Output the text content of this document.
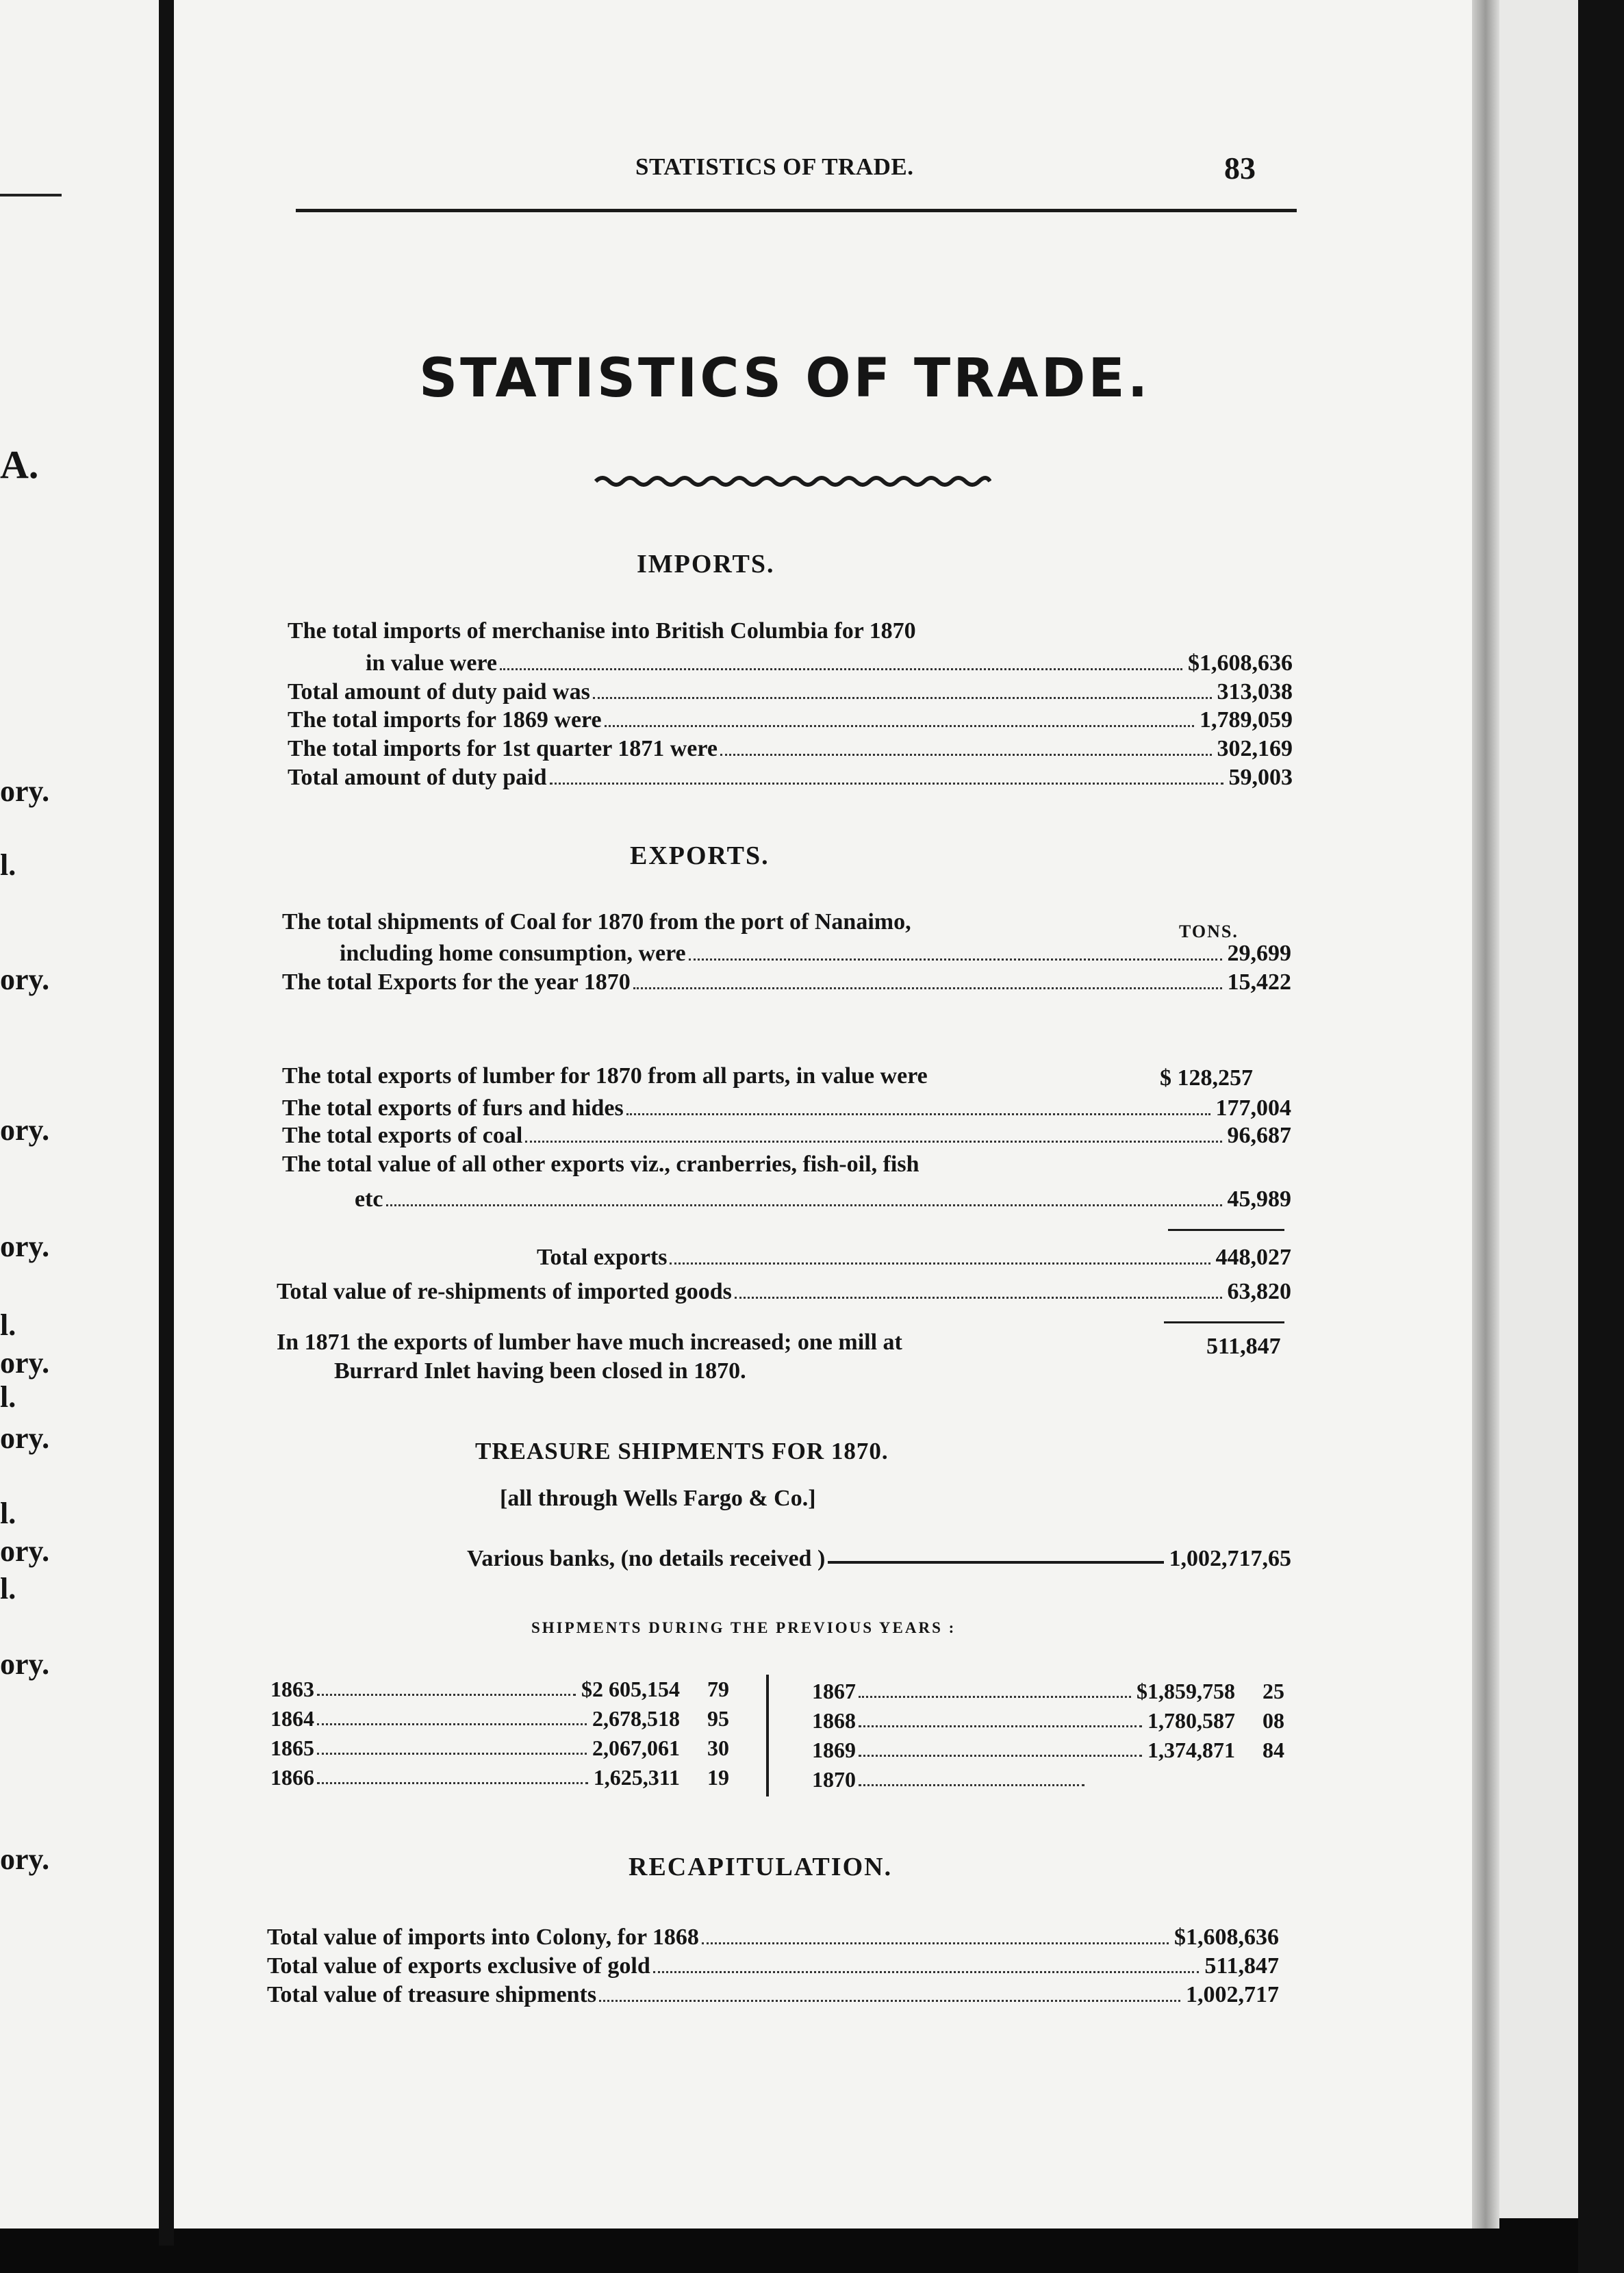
A.
ory.
l.
ory.
ory.
ory.
l.
ory.
l.
ory.
l.
ory.
l.
ory.
ory.
STATISTICS OF TRADE.	83
STATISTICS OF TRADE.
IMPORTS.
The total imports of merchanise into British Columbia for 1870
in value were	$1,608,636
Total amount of duty paid was	313,038
The total imports for 1869 were	1,789,059
The total imports for 1st quarter 1871 were	302,169
Total amount of duty paid	59,003
EXPORTS.
The total shipments of Coal for 1870 from the port of Nanaimo,	TONS.
including home consumption, were	29,699
The total Exports for the year 1870	15,422
The total exports of lumber for 1870 from all parts, in value were	$ 128,257
The total exports of furs and hides	177,004
The total exports of coal	96,687
The total value of all other exports viz., cranberries, fish-oil, fish
etc	45,989
Total exports	448,027
Total value of re-shipments of imported goods	63,820
In 1871 the exports of lumber have much increased; one mill at
Burrard Inlet having been closed in 1870.
511,847
TREASURE SHIPMENTS FOR 1870.
[all through Wells Fargo & Co.]
Various banks, (no details received )	1,002,717,65
SHIPMENTS DURING THE PREVIOUS YEARS :
1863	$2 605,154	79
1864	2,678,518	95
1865	2,067,061	30
1866	1,625,311	19
1867	$1,859,758	25
1868	1,780,587	08
1869	1,374,871	84
1870
RECAPITULATION.
Total value of imports into Colony, for 1868	$1,608,636
Total value of exports exclusive of gold	511,847
Total value of treasure shipments	1,002,717
